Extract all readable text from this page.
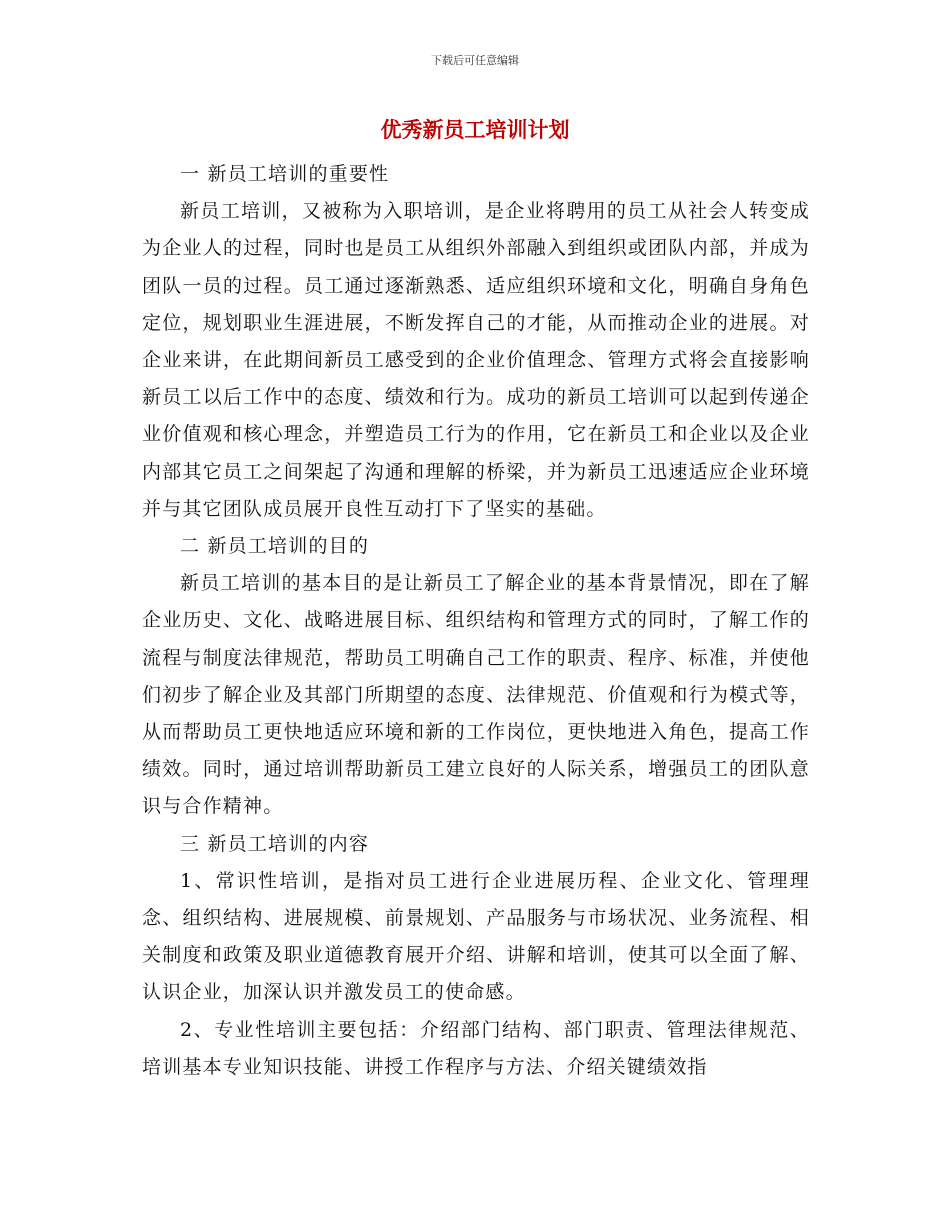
下载后可任意编辑
优秀新员工培训计划

一 新员工培训的重要性

新员工培训，又被称为入职培训，是企业将聘用的员工从社会人转变成为企业人的过程，同时也是员工从组织外部融入到组织或团队内部，并成为团队一员的过程。员工通过逐渐熟悉、适应组织环境和文化，明确自身角色定位，规划职业生涯进展，不断发挥自己的才能，从而推动企业的进展。对企业来讲，在此期间新员工感受到的企业价值理念、管理方式将会直接影响新员工以后工作中的态度、绩效和行为。成功的新员工培训可以起到传递企业价值观和核心理念，并塑造员工行为的作用，它在新员工和企业以及企业内部其它员工之间架起了沟通和理解的桥梁，并为新员工迅速适应企业环境并与其它团队成员展开良性互动打下了坚实的基础。

二 新员工培训的目的

新员工培训的基本目的是让新员工了解企业的基本背景情况，即在了解企业历史、文化、战略进展目标、组织结构和管理方式的同时，了解工作的流程与制度法律规范，帮助员工明确自己工作的职责、程序、标准，并使他们初步了解企业及其部门所期望的态度、法律规范、价值观和行为模式等，从而帮助员工更快地适应环境和新的工作岗位，更快地进入角色，提高工作绩效。同时，通过培训帮助新员工建立良好的人际关系，增强员工的团队意识与合作精神。

三 新员工培训的内容

1、常识性培训，是指对员工进行企业进展历程、企业文化、管理理念、组织结构、进展规模、前景规划、产品服务与市场状况、业务流程、相关制度和政策及职业道德教育展开介绍、讲解和培训，使其可以全面了解、认识企业，加深认识并激发员工的使命感。

2、专业性培训主要包括：介绍部门结构、部门职责、管理法律规范、培训基本专业知识技能、讲授工作程序与方法、介绍关键绩效指
